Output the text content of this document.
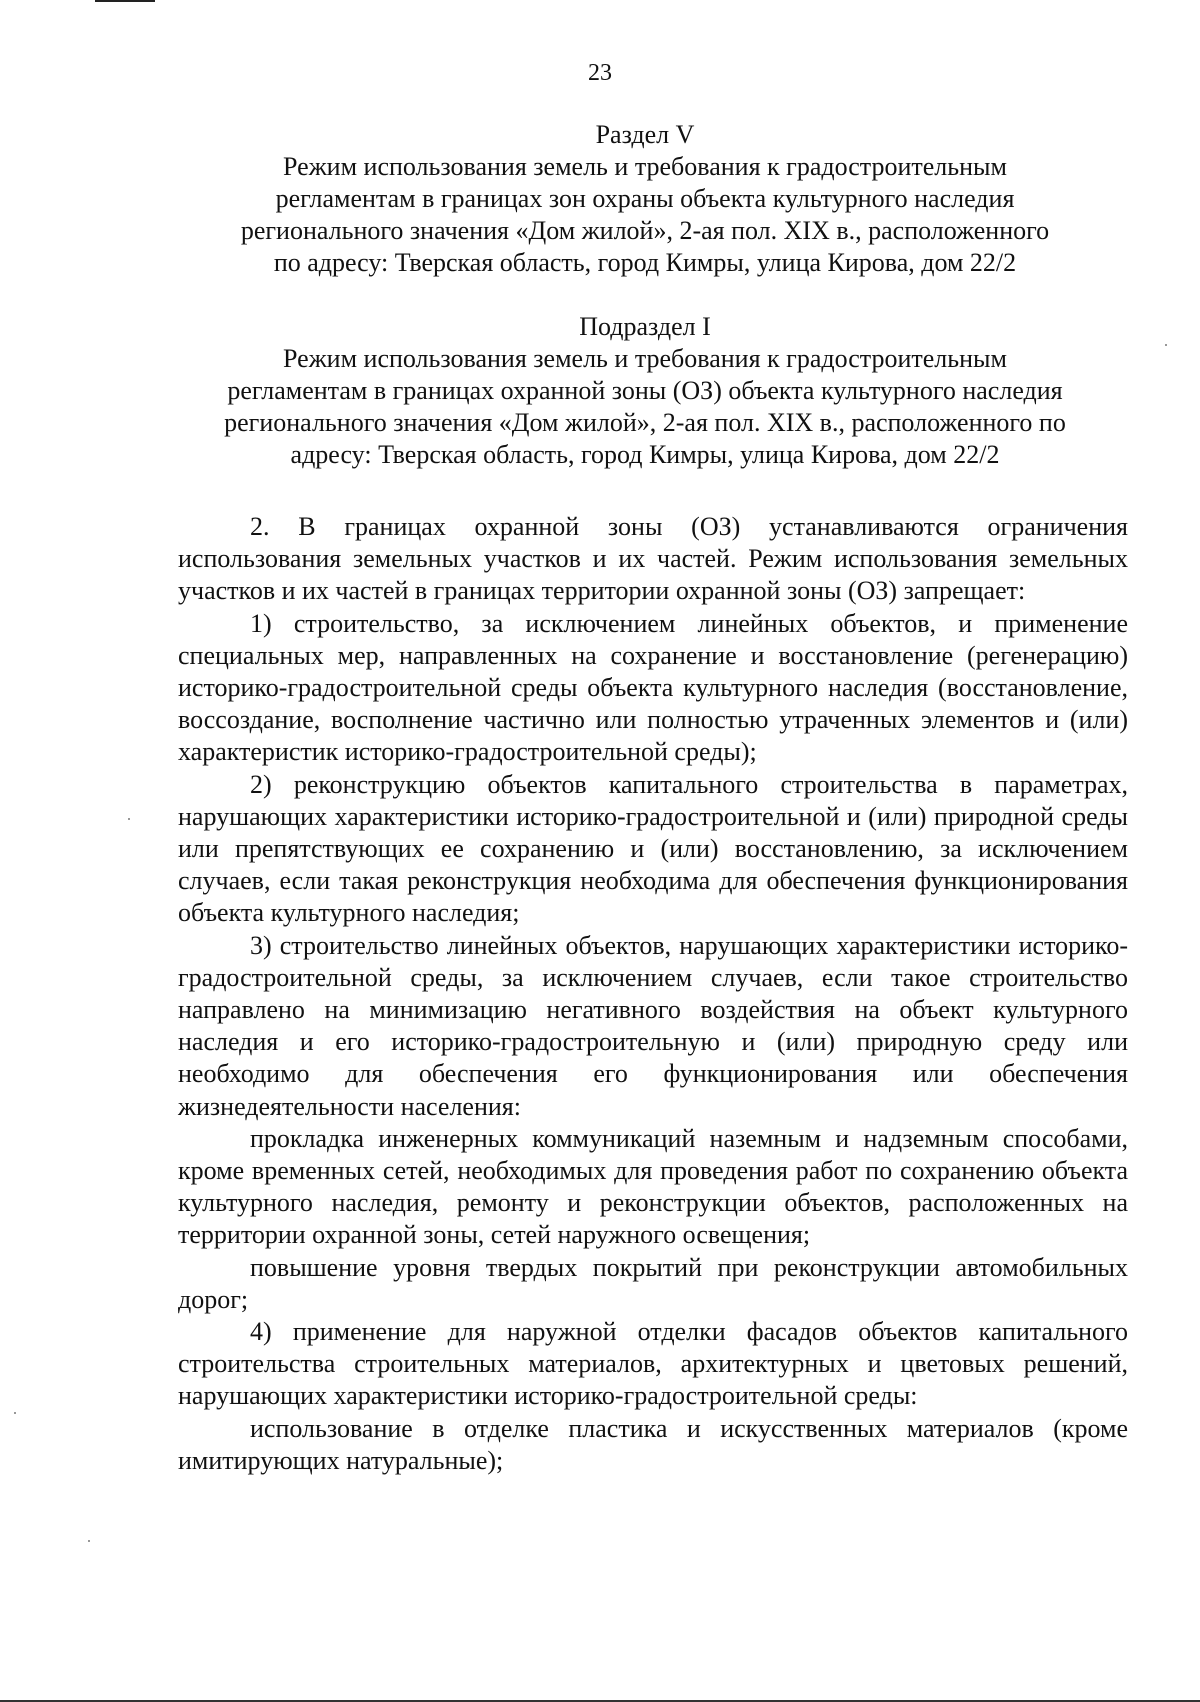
23
Раздел V
Режим использования земель и требования к градостроительным
регламентам в границах зон охраны объекта культурного наследия
регионального значения «Дом жилой», 2-ая пол. XIX в., расположенного
по адресу: Тверская область, город Кимры, улица Кирова, дом 22/2
Подраздел I
Режим использования земель и требования к градостроительным
регламентам в границах охранной зоны (ОЗ) объекта культурного наследия
регионального значения «Дом жилой», 2-ая пол. XIX в., расположенного по
адресу: Тверская область, город Кимры, улица Кирова, дом 22/2

2. В границах охранной зоны (ОЗ) устанавливаются ограничения использования земельных участков и их частей. Режим использования земельных участков и их частей в границах территории охранной зоны (ОЗ) запрещает:

1) строительство, за исключением линейных объектов, и применение специальных мер, направленных на сохранение и восстановление (регенерацию) историко-градостроительной среды объекта культурного наследия (восстановление, воссоздание, восполнение частично или полностью утраченных элементов и (или) характеристик историко-градостроительной среды);

2) реконструкцию объектов капитального строительства в параметрах, нарушающих характеристики историко-градостроительной и (или) природной среды или препятствующих ее сохранению и (или) восстановлению, за исключением случаев, если такая реконструкция необходима для обеспечения функционирования объекта культурного наследия;

3) строительство линейных объектов, нарушающих характеристики историко-градостроительной среды, за исключением случаев, если такое строительство направлено на минимизацию негативного воздействия на объект культурного наследия и его историко-градостроительную и (или) природную среду или необходимо для обеспечения его функционирования или обеспечения жизнедеятельности населения:

прокладка инженерных коммуникаций наземным и надземным способами, кроме временных сетей, необходимых для проведения работ по сохранению объекта культурного наследия, ремонту и реконструкции объектов, расположенных на территории охранной зоны, сетей наружного освещения;

повышение уровня твердых покрытий при реконструкции автомобильных дорог;

4) применение для наружной отделки фасадов объектов капитального строительства строительных материалов, архитектурных и цветовых решений, нарушающих характеристики историко-градостроительной среды:

использование в отделке пластика и искусственных материалов (кроме имитирующих натуральные);
